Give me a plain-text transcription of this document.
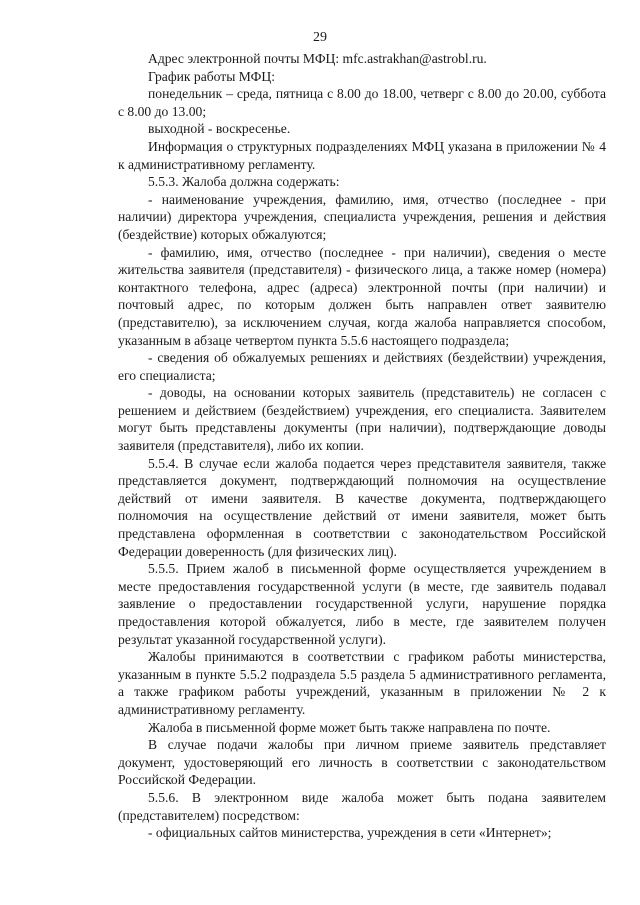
29

Адрес электронной почты МФЦ: mfc.astrakhan@astrobl.ru.

График работы МФЦ:

понедельник – среда, пятница с 8.00 до 18.00, четверг с 8.00 до 20.00, суббота с 8.00 до 13.00;

выходной - воскресенье.

Информация о структурных подразделениях МФЦ указана в приложении № 4 к административному регламенту.

5.5.3. Жалоба должна содержать:

- наименование учреждения, фамилию, имя, отчество (последнее - при наличии) директора учреждения, специалиста учреждения, решения и действия (бездействие) которых обжалуются;

- фамилию, имя, отчество (последнее - при наличии), сведения о месте жительства заявителя (представителя) - физического лица, а также номер (номера) контактного телефона, адрес (адреса) электронной почты (при наличии) и почтовый адрес, по которым должен быть направлен ответ заявителю (представителю), за исключением случая, когда жалоба направляется способом, указанным в абзаце четвертом пункта 5.5.6 настоящего подраздела;

- сведения об обжалуемых решениях и действиях (бездействии) учреждения, его специалиста;

- доводы, на основании которых заявитель (представитель) не согласен с решением и действием (бездействием) учреждения, его специалиста. Заявителем могут быть представлены документы (при наличии), подтверждающие доводы заявителя (представителя), либо их копии.

5.5.4. В случае если жалоба подается через представителя заявителя, также представляется документ, подтверждающий полномочия на осуществление действий от имени заявителя. В качестве документа, подтверждающего полномочия на осуществление действий от имени заявителя, может быть представлена оформленная в соответствии с законодательством Российской Федерации доверенность (для физических лиц).

5.5.5. Прием жалоб в письменной форме осуществляется учреждением в месте предоставления государственной услуги (в месте, где заявитель подавал заявление о предоставлении государственной услуги, нарушение порядка предоставления которой обжалуется, либо в месте, где заявителем получен результат указанной государственной услуги).

Жалобы принимаются в соответствии с графиком работы министерства, указанным в пункте 5.5.2 подраздела 5.5 раздела 5 административного регламента, а также графиком работы учреждений, указанным в приложении № 2 к административному регламенту.

Жалоба в письменной форме может быть также направлена по почте.

В случае подачи жалобы при личном приеме заявитель представляет документ, удостоверяющий его личность в соответствии с законодательством Российской Федерации.

5.5.6. В электронном виде жалоба может быть подана заявителем (представителем) посредством:

- официальных сайтов министерства, учреждения в сети «Интернет»;
